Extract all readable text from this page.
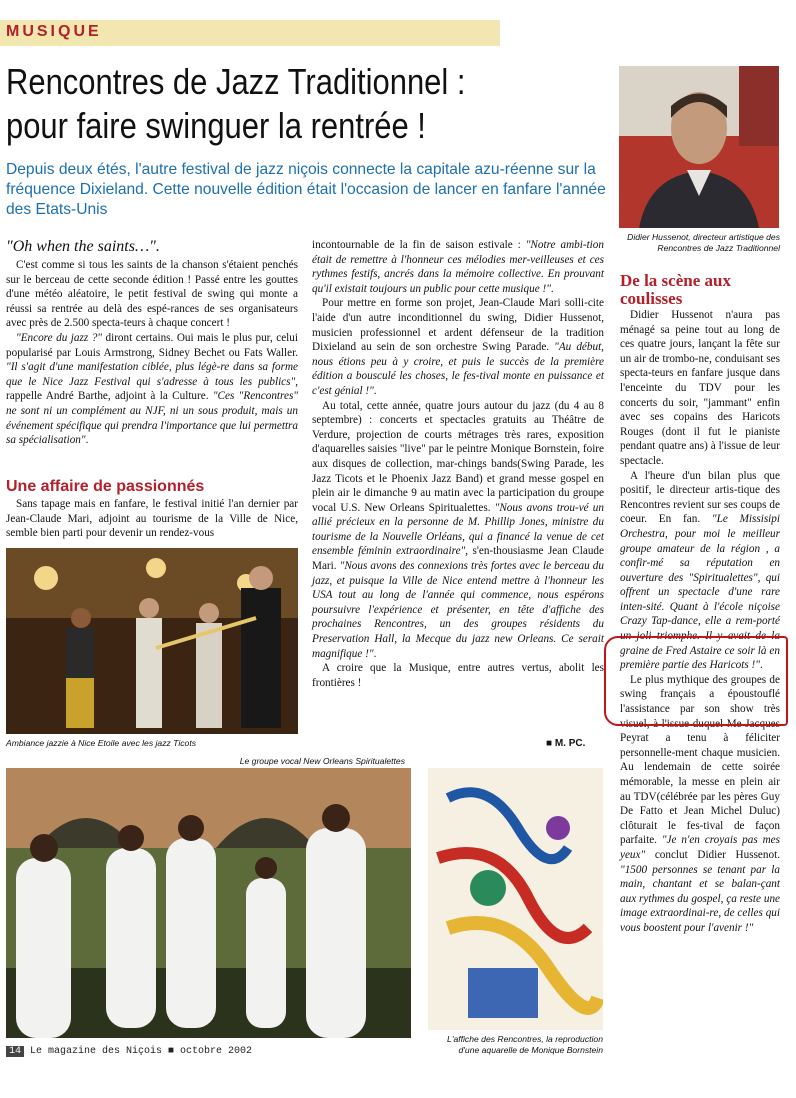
MUSIQUE
Rencontres de Jazz Traditionnel :
pour faire swinguer la rentrée !
Depuis deux étés, l'autre festival de jazz niçois connecte la capitale azu-réenne sur la fréquence Dixieland. Cette nouvelle édition était l'occasion de lancer en fanfare l'année des Etats-Unis
Didier Hussenot, directeur artistique des Rencontres de Jazz Traditionnel
"Oh when the saints…".

C'est comme si tous les saints de la chanson s'étaient penchés sur le berceau de cette seconde édition ! Passé entre les gouttes d'une météo aléatoire, le petit festival de swing qui monte a réussi sa rentrée au delà des espé-rances de ses organisateurs avec près de 2.500 specta-teurs à chaque concert !

"Encore du jazz ?" diront certains. Oui mais le plus pur, celui popularisé par Louis Armstrong, Sidney Bechet ou Fats Waller. "Il s'agit d'une manifestation ciblée, plus légè-re dans sa forme que le Nice Jazz Festival qui s'adresse à tous les publics", rappelle André Barthe, adjoint à la Culture. "Ces "Rencontres" ne sont ni un complément au NJF, ni un sous produit, mais un événement spécifique qui prendra l'importance que lui permettra sa spécialisation".

Une affaire de passionnés

Sans tapage mais en fanfare, le festival initié l'an dernier par Jean-Claude Mari, adjoint au tourisme de la Ville de Nice, semble bien parti pour devenir un rendez-vous

Ambiance jazzie à Nice Etoile avec les jazz Ticots

incontournable de la fin de saison estivale : "Notre ambi-tion était de remettre à l'honneur ces mélodies mer-veilleuses et ces rythmes festifs, ancrés dans la mémoire collective. En prouvant qu'il existait toujours un public pour cette musique !".

Pour mettre en forme son projet, Jean-Claude Mari solli-cite l'aide d'un autre inconditionnel du swing, Didier Hussenot, musicien professionnel et ardent défenseur de la tradition Dixieland au sein de son orchestre Swing Parade. "Au début, nous étions peu à y croire, et puis le succès de la première édition a bousculé les choses, le fes-tival monte en puissance et c'est génial !".

Au total, cette année, quatre jours autour du jazz (du 4 au 8 septembre) : concerts et spectacles gratuits au Théâtre de Verdure, projection de courts métrages très rares, exposition d'aquarelles saisies "live" par le peintre Monique Bornstein, foire aux disques de collection, mar-chings bands(Swing Parade, les Jazz Ticots et le Phoenix Jazz Band) et grand messe gospel en plein air le dimanche 9 au matin avec la participation du groupe vocal U.S. New Orleans Spiritualettes. "Nous avons trou-vé un allié précieux en la personne de M. Phillip Jones, ministre du tourisme de la Nouvelle Orléans, qui a financé la venue de cet ensemble féminin extraordinaire", s'en-thousiasme Jean Claude Mari. "Nous avons des connexions très fortes avec le berceau du jazz, et puisque la Ville de Nice entend mettre à l'honneur les USA tout au long de l'année qui commence, nous espérons poursuivre l'expérience et présenter, en tête d'affiche des prochaines Rencontres, un des groupes résidents du Preservation Hall, la Mecque du jazz new Orleans. Ce serait magnifique !".

A croire que la Musique, entre autres vertus, abolit les frontières !

■ M. PC.
De la scène aux coulisses

Didier Hussenot n'aura pas ménagé sa peine tout au long de ces quatre jours, lançant la fête sur un air de trombo-ne, conduisant ses specta-teurs en fanfare jusque dans l'enceinte du TDV pour les concerts du soir, "jammant" enfin avec ses copains des Haricots Rouges (dont il fut le pianiste pendant quatre ans) à l'issue de leur spectacle.

A l'heure d'un bilan plus que positif, le directeur artis-tique des Rencontres revient sur ses coups de coeur. En fan. "Le Missisipi Orchestra, pour moi le meilleur groupe amateur de la région , a confir-mé sa réputation en ouverture des "Spiritualettes", qui offrent un spectacle d'une rare inten-sité. Quant à l'école niçoise Crazy Tap-dance, elle a rem-porté un joli triomphe. Il y avait de la graine de Fred Astaire ce soir là en première partie des Haricots !".

Le plus mythique des groupes de swing français a époustouflé l'assistance par son show très visuel, à l'issue duquel Me Jacques Peyrat a tenu à féliciter personnelle-ment chaque musicien. Au lendemain de cette soirée mémorable, la messe en plein air au TDV(célébrée par les pères Guy De Fatto et Jean Michel Duluc) clôturait le fes-tival de façon parfaite. "Je n'en croyais pas mes yeux" conclut Didier Hussenot. "1500 personnes se tenant par la main, chantant et se balan-çant aux rythmes du gospel, ça reste une image extraordinai-re, de celles qui vous boostent pour l'avenir !"

Le groupe vocal New Orleans Spiritualettes
L'affiche des Rencontres, la reproduction d'une aquarelle de Monique Bornstein
14 Le magazine des Niçois ■ octobre 2002
